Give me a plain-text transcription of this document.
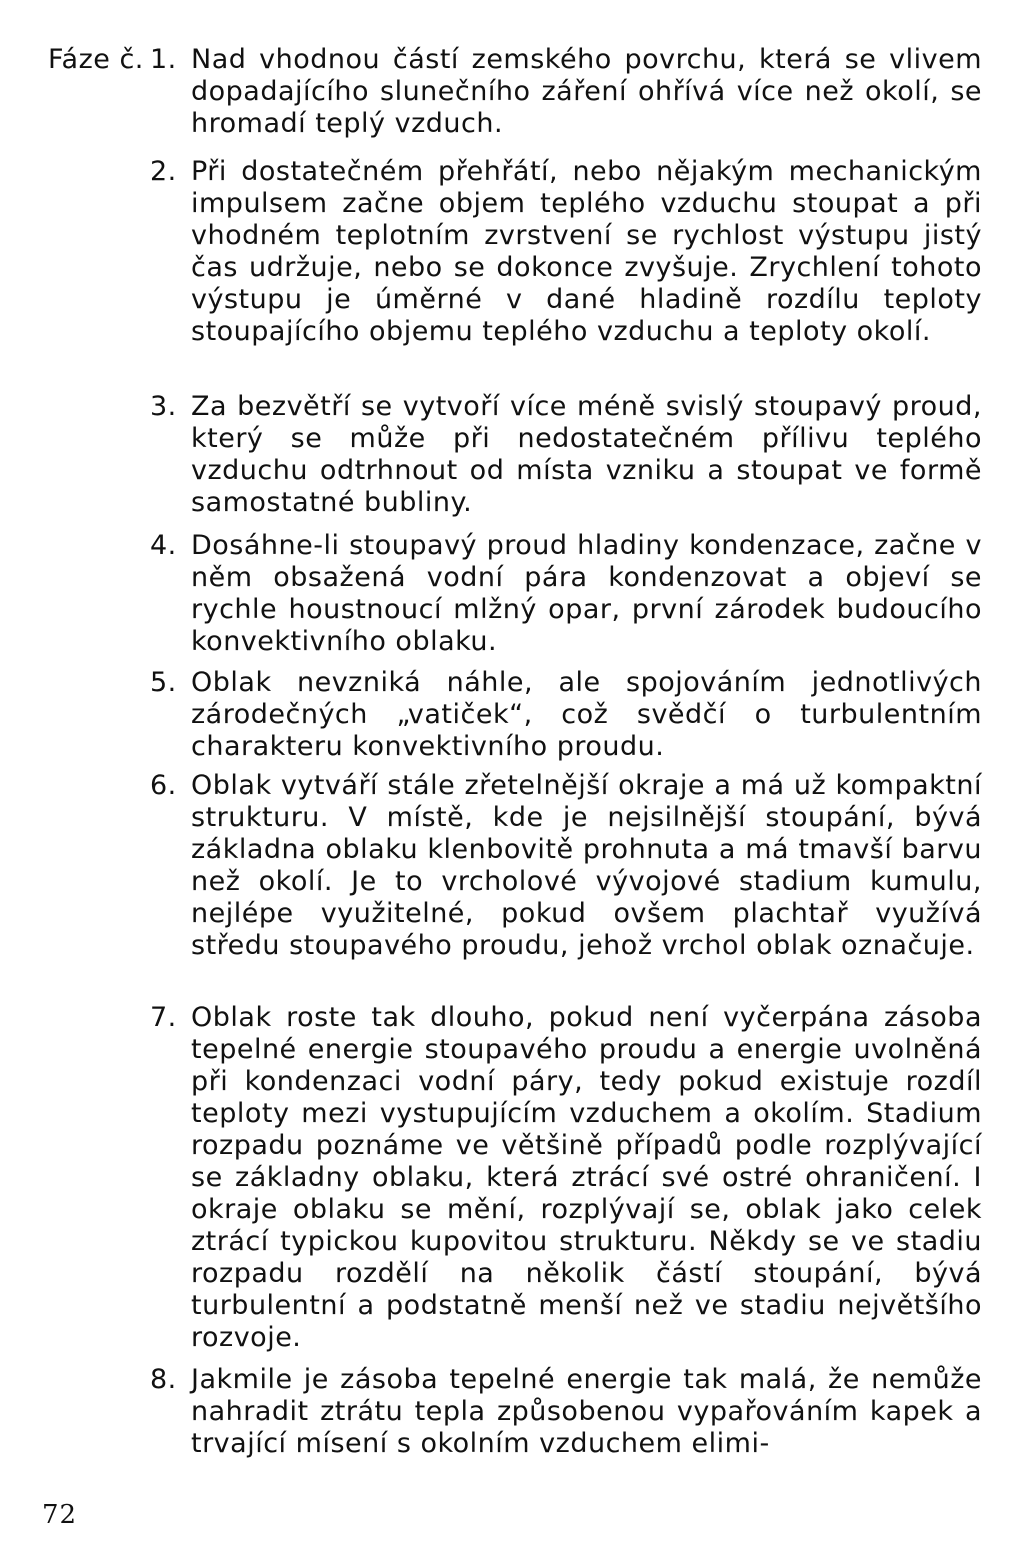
Fáze č. 1. Nad vhodnou částí zemského povrchu, která se vlivem dopadajícího slunečního záření ohřívá více než okolí, se hromadí teplý vzduch.
2. Při dostatečném přehřátí, nebo nějakým mechanickým impulsem začne objem teplého vzduchu stoupat a při vhodném teplotním zvrstvení se rychlost výstupu jistý čas udržuje, nebo se dokonce zvyšuje. Zrychlení tohoto výstupu je úměrné v dané hladině rozdílu teploty stoupajícího objemu teplého vzduchu a teploty okolí.
3. Za bezvětří se vytvoří více méně svislý stoupavý proud, který se může při nedostatečném přílivu teplého vzduchu odtrhnout od místa vzniku a stoupat ve formě samostatné bubliny.
4. Dosáhne-li stoupavý proud hladiny kondenzace, začne v něm obsažená vodní pára kondenzovat a objeví se rychle houstnoucí mlžný opar, první zárodek budoucího konvektivního oblaku.
5. Oblak nevzniká náhle, ale spojováním jednotlivých zárodečných „vatiček“, což svědčí o turbulentním charakteru konvektivního proudu.
6. Oblak vytváří stále zřetelnější okraje a má už kompaktní strukturu. V místě, kde je nejsilnější stoupání, bývá základna oblaku klenbovitě prohnuta a má tmavší barvu než okolí. Je to vrcholové vývojové stadium kumulu, nejlépe využitelné, pokud ovšem plachtař využívá středu stoupavého proudu, jehož vrchol oblak označuje.
7. Oblak roste tak dlouho, pokud není vyčerpána zásoba tepelné energie stoupavého proudu a energie uvolněná při kondenzaci vodní páry, tedy pokud existuje rozdíl teploty mezi vystupujícím vzduchem a okolím. Stadium rozpadu poznáme ve většině případů podle rozplývající se základny oblaku, která ztrácí své ostré ohraničení. I okraje oblaku se mění, rozplývají se, oblak jako celek ztrácí typickou kupovitou strukturu. Někdy se ve stadiu rozpadu rozdělí na několik částí stoupání, bývá turbulentní a podstatně menší než ve stadiu největšího rozvoje.
8. Jakmile je zásoba tepelné energie tak malá, že nemůže nahradit ztrátu tepla způsobenou vypařováním kapek a trvající mísení s okolním vzduchem elimi-
72
